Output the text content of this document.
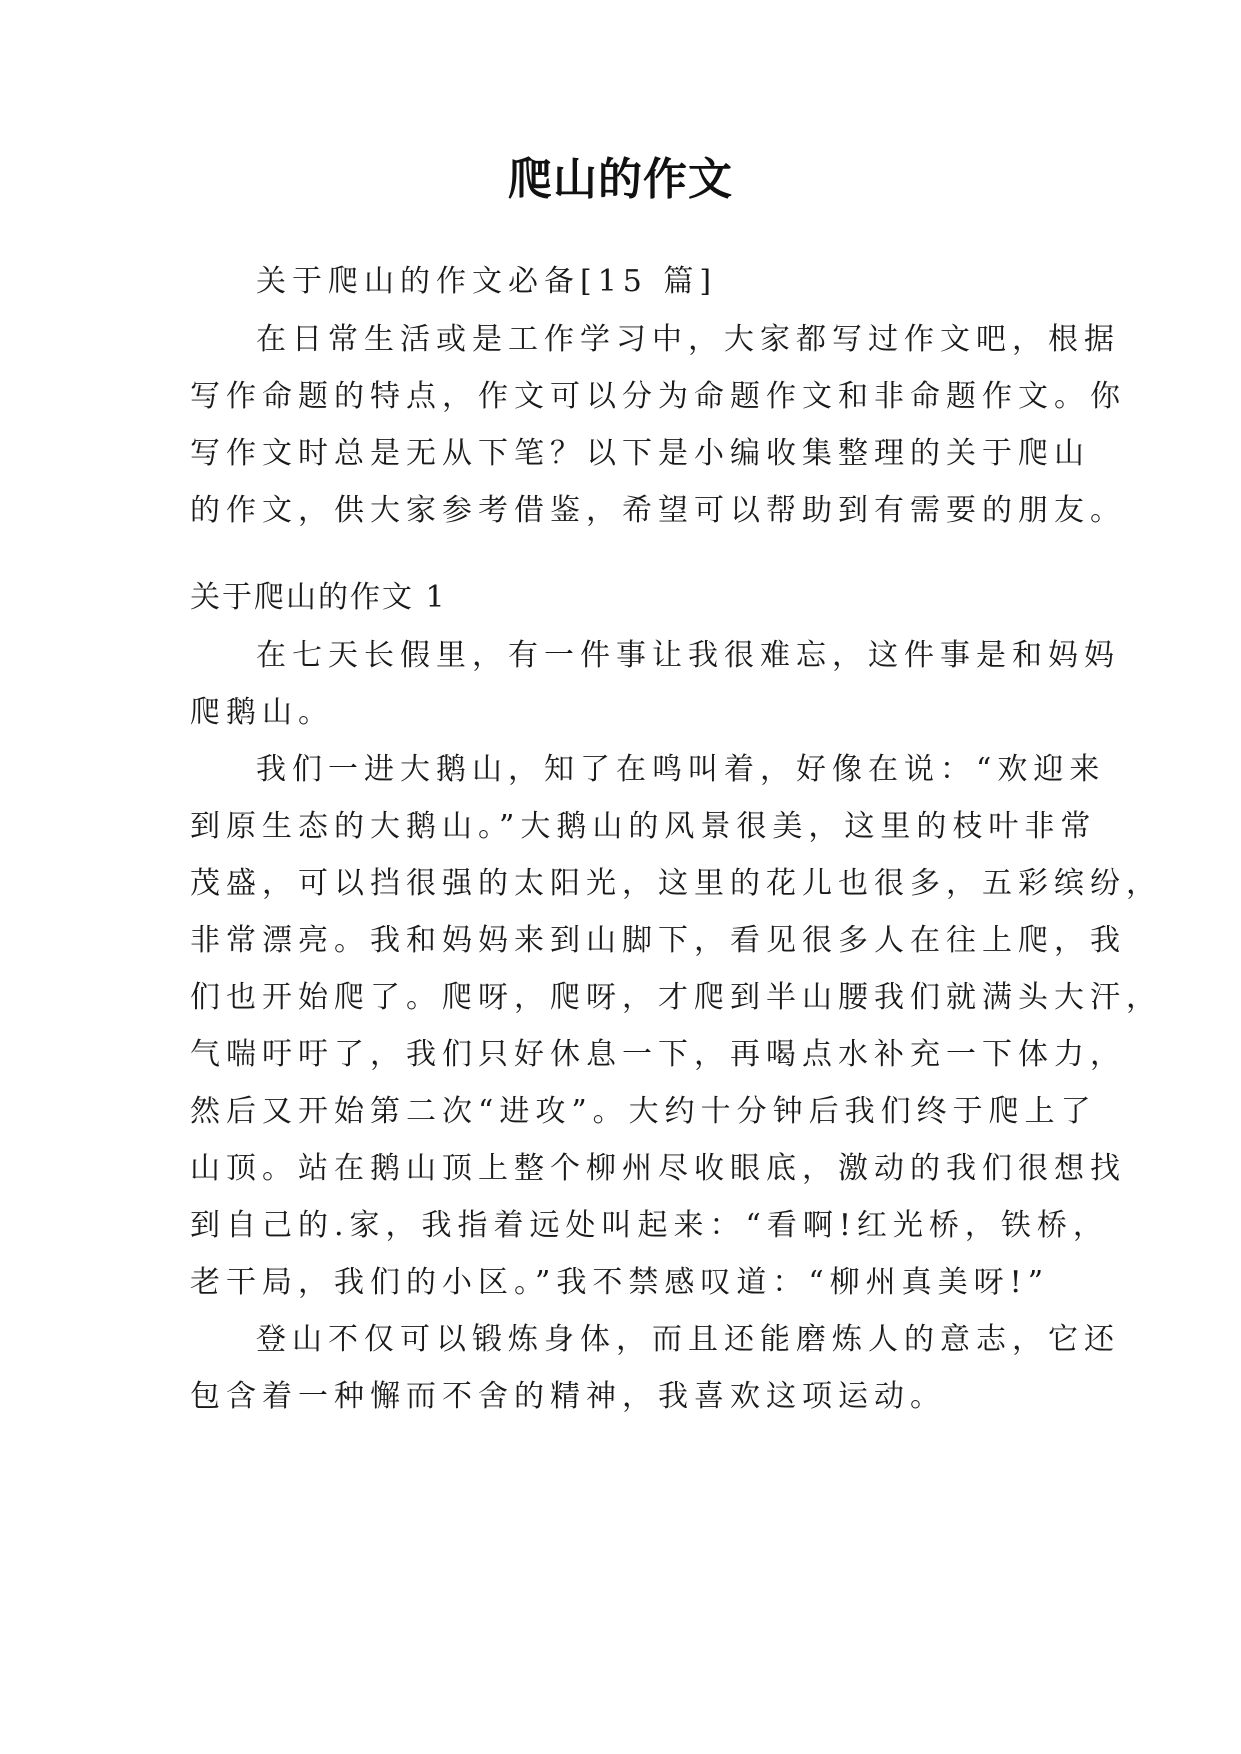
爬山的作文
关于爬山的作文必备[15 篇]
在日常生活或是工作学习中，大家都写过作文吧，根据
写作命题的特点，作文可以分为命题作文和非命题作文。你
写作文时总是无从下笔？以下是小编收集整理的关于爬山
的作文，供大家参考借鉴，希望可以帮助到有需要的朋友。
关于爬山的作文 1
在七天长假里，有一件事让我很难忘，这件事是和妈妈
爬鹅山。
我们一进大鹅山，知了在鸣叫着，好像在说：“欢迎来
到原生态的大鹅山。”大鹅山的风景很美，这里的枝叶非常
茂盛，可以挡很强的太阳光，这里的花儿也很多，五彩缤纷，
非常漂亮。我和妈妈来到山脚下，看见很多人在往上爬，我
们也开始爬了。爬呀，爬呀，才爬到半山腰我们就满头大汗，
气喘吁吁了，我们只好休息一下，再喝点水补充一下体力，
然后又开始第二次“进攻”。大约十分钟后我们终于爬上了
山顶。站在鹅山顶上整个柳州尽收眼底，激动的我们很想找
到自己的.家，我指着远处叫起来：“看啊!红光桥，铁桥，
老干局，我们的小区。”我不禁感叹道：“柳州真美呀!”
登山不仅可以锻炼身体，而且还能磨炼人的意志，它还
包含着一种懈而不舍的精神，我喜欢这项运动。
